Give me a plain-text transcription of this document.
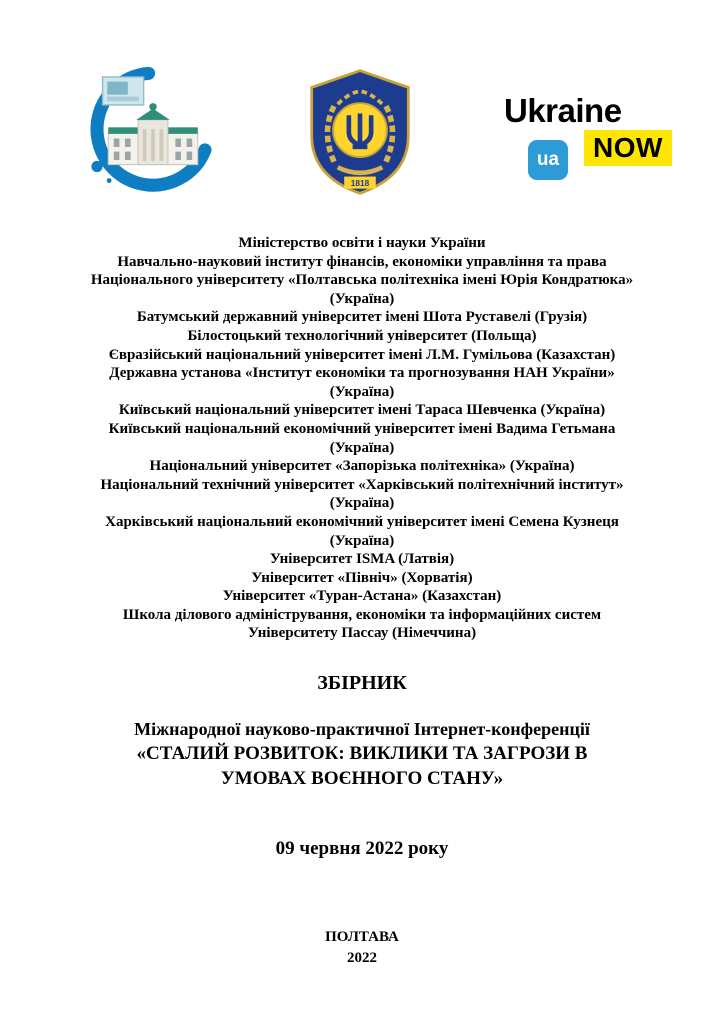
1818
Ukraine
ua	NOW
Міністерство освіти і науки України
Навчально-науковий інститут фінансів, економіки управління та права
Національного університету «Полтавська політехніка імені Юрія Кондратюка»
(Україна)
Батумський державний університет імені Шота Руставелі (Грузія)
Білостоцький технологічний університет (Польща)
Євразійський національний університет імені Л.М. Гумільова (Казахстан)
Державна установа «Інститут економіки та прогнозування НАН України»
(Україна)
Київський національний університет імені Тараса Шевченка (Україна)
Київський національний економічний університет імені Вадима Гетьмана
(Україна)
Національний університет «Запорізька політехніка» (Україна)
Національний технічний університет «Харківський політехнічний інститут»
(Україна)
Харківський національний економічний університет імені Семена Кузнеця
(Україна)
Університет ISMA (Латвія)
Університет «Північ» (Хорватія)
Університет «Туран-Астана» (Казахстан)
Школа ділового адміністрування, економіки та інформаційних систем
Університету Пассау (Німеччина)
ЗБІРНИК
Міжнародної науково-практичної Інтернет-конференції
«СТАЛИЙ РОЗВИТОК: ВИКЛИКИ ТА ЗАГРОЗИ В
УМОВАХ ВОЄННОГО СТАНУ»
09 червня 2022 року
ПОЛТАВА
2022
